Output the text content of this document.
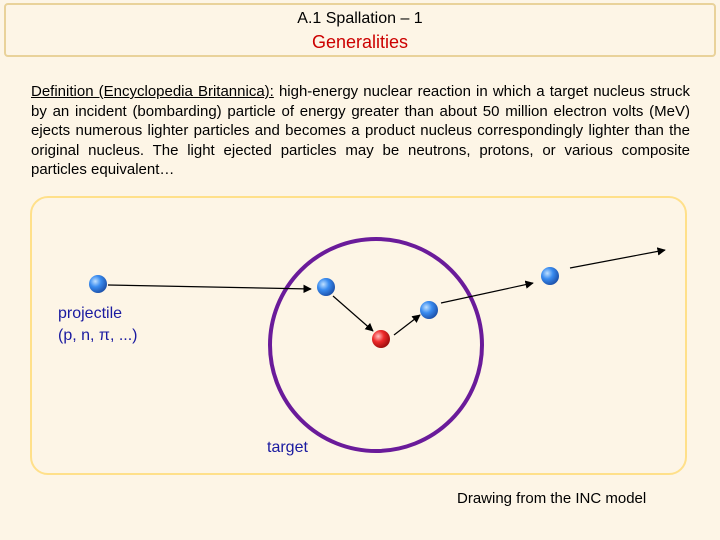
A.1 Spallation – 1
Generalities
Definition (Encyclopedia Britannica): high-energy nuclear reaction in which a target nucleus struck by an incident (bombarding) particle of energy greater than about 50 million electron volts (MeV) ejects numerous lighter particles and becomes a product nucleus correspondingly lighter than the original nucleus. The light ejected particles may be neutrons, protons, or various composite particles equivalent…
projectile
(p, n, π, ...)
target
Drawing from the INC model
